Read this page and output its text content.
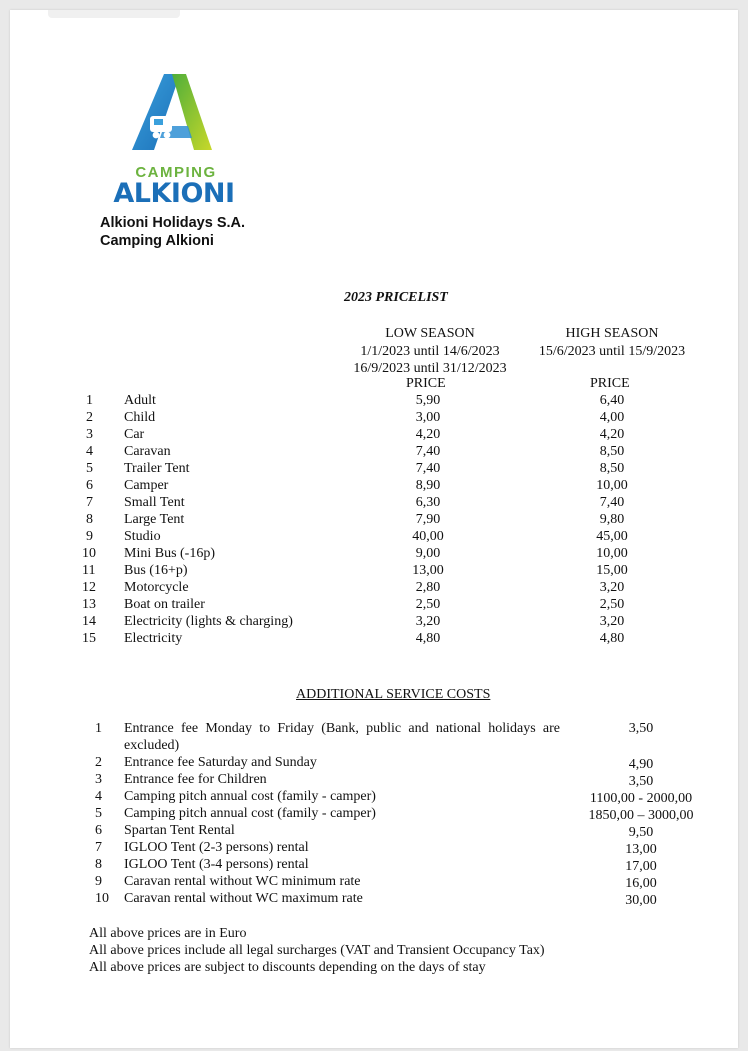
CAMPING
ALKIONI
Alkioni Holidays S.A.
Camping Alkioni
2023 PRICELIST
LOW SEASON
1/1/2023 until 14/6/2023
16/9/2023 until 31/12/2023
HIGH SEASON
15/6/2023 until 15/9/2023
PRICE	PRICE
1 Adult	5,90	6,40
2 Child	3,00	4,00
3 Car	4,20	4,20
4 Caravan	7,40	8,50
5 Trailer Tent	7,40	8,50
6 Camper	8,90	10,00
7 Small Tent	6,30	7,40
8 Large Tent	7,90	9,80
9 Studio	40,00	45,00
10 Mini Bus (-16p)	9,00	10,00
11 Bus (16+p)	13,00	15,00
12 Motorcycle	2,80	3,20
13 Boat on trailer	2,50	2,50
14 Electricity (lights & charging)	3,20	3,20
15 Electricity	4,80	4,80
ADDITIONAL SERVICE COSTS
1 Entrance fee Monday to Friday (Bank, public and national holidays are excluded)
3,50
2 Entrance fee Saturday and Sunday	4,90
3 Entrance fee for Children	3,50
4 Camping pitch annual cost (family - camper)	1100,00 - 2000,00
5 Camping pitch annual cost (family - camper)	1850,00 – 3000,00
6 Spartan Tent Rental	9,50
7 IGLOO Tent (2-3 persons) rental	13,00
8 IGLOO Tent (3-4 persons) rental	17,00
9 Caravan rental without WC minimum rate	16,00
10 Caravan rental without WC maximum rate	30,00
All above prices are in Euro
All above prices include all legal surcharges (VAT and Transient Occupancy Tax)
All above prices are subject to discounts depending on the days of stay
